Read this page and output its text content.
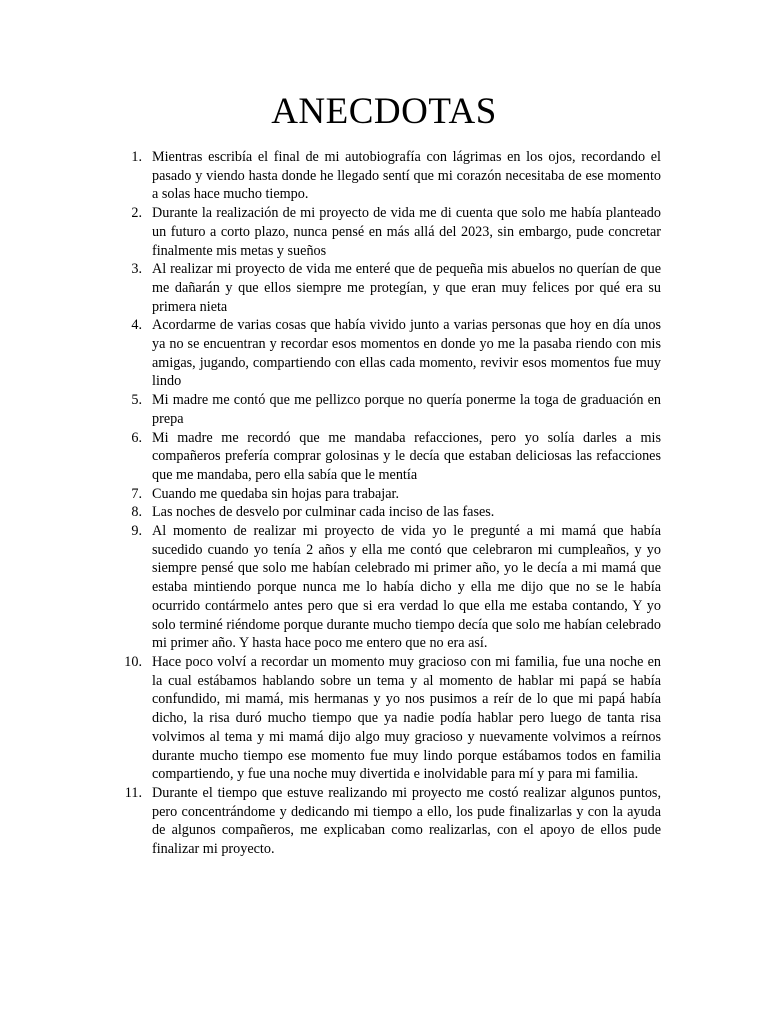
ANECDOTAS
1. Mientras escribía el final de mi autobiografía con lágrimas en los ojos, recordando el pasado y viendo hasta donde he llegado sentí que mi corazón necesitaba de ese momento a solas hace mucho tiempo.
2. Durante la realización de mi proyecto de vida me di cuenta que solo me había planteado un futuro a corto plazo, nunca pensé en más allá del 2023, sin embargo, pude concretar finalmente mis metas y sueños
3. Al realizar mi proyecto de vida me enteré que de pequeña mis abuelos no querían de que me dañarán y que ellos siempre me protegían, y que eran muy felices por qué era su primera nieta
4. Acordarme de varias cosas que había vivido junto a varias personas que hoy en día unos ya no se encuentran y recordar esos momentos en donde yo me la pasaba riendo con mis amigas, jugando, compartiendo con ellas cada momento, revivir esos momentos fue muy lindo
5. Mi madre me contó que me pellizco porque no quería ponerme la toga de graduación en prepa
6. Mi madre me recordó que me mandaba refacciones, pero yo solía darles a mis compañeros prefería comprar golosinas y le decía que estaban deliciosas las refacciones que me mandaba, pero ella sabía que le mentía
7. Cuando me quedaba sin hojas para trabajar.
8. Las noches de desvelo por culminar cada inciso de las fases.
9. Al momento de realizar mi proyecto de vida yo le pregunté a mi mamá que había sucedido cuando yo tenía 2 años y ella me contó que celebraron mi cumpleaños, y yo siempre pensé que solo me habían celebrado mi primer año, yo le decía a mi mamá que estaba mintiendo porque nunca me lo había dicho y ella me dijo que no se le había ocurrido contármelo antes pero que si era verdad lo que ella me estaba contando, Y yo solo terminé riéndome porque durante mucho tiempo decía que solo me habían celebrado mi primer año. Y hasta hace poco me entero que no era así.
10. Hace poco volví a recordar un momento muy gracioso con mi familia, fue una noche en la cual estábamos hablando sobre un tema y al momento de hablar mi papá se había confundido, mi mamá, mis hermanas y yo nos pusimos a reír de lo que mi papá había dicho, la risa duró mucho tiempo que ya nadie podía hablar pero luego de tanta risa volvimos al tema y mi mamá dijo algo muy gracioso y nuevamente volvimos a reírnos durante mucho tiempo ese momento fue muy lindo porque estábamos todos en familia compartiendo, y fue una noche muy divertida e inolvidable para mí y para mi familia.
11. Durante el tiempo que estuve realizando mi proyecto me costó realizar algunos puntos, pero concentrándome y dedicando mi tiempo a ello, los pude finalizarlas y con la ayuda de algunos compañeros, me explicaban como realizarlas, con el apoyo de ellos pude finalizar mi proyecto.
